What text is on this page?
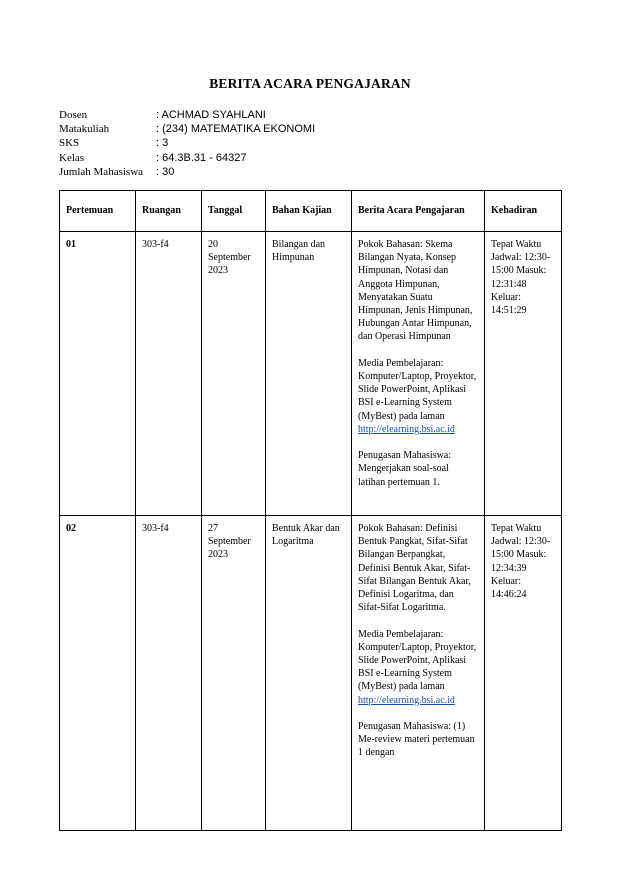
BERITA ACARA PENGAJARAN
Dosen	: ACHMAD SYAHLANI
Matakuliah	: (234) MATEMATIKA EKONOMI
SKS	: 3
Kelas	: 64.3B.31 - 64327
Jumlah Mahasiswa	: 30
Pertemuan	Ruangan	Tanggal	Bahan Kajian	Berita Acara Pengajaran	Kehadiran
01	303-f4	20 September 2023	Bilangan dan Himpunan	Pokok Bahasan: Skema Bilangan Nyata, Konsep Himpunan, Notasi dan Anggota Himpunan, Menyatakan Suatu Himpunan, Jenis Himpunan, Hubungan Antar Himpunan, dan Operasi Himpunan
Media Pembelajaran: Komputer/Laptop, Proyektor, Slide PowerPoint, Aplikasi BSI e-Learning System (MyBest) pada laman http://elearning.bsi.ac.id
Penugasan Mahasiswa: Mengerjakan soal-soal latihan pertemuan 1.	Tepat Waktu Jadwal: 12:30-15:00 Masuk: 12:31:48 Keluar: 14:51:29
02	303-f4	27 September 2023	Bentuk Akar dan Logaritma	Pokok Bahasan: Definisi Bentuk Pangkat, Sifat-Sifat Bilangan Berpangkat, Definisi Bentuk Akar, Sifat-Sifat Bilangan Bentuk Akar, Definisi Logaritma, dan Sifat-Sifat Logaritma.
Media Pembelajaran: Komputer/Laptop, Proyektor, Slide PowerPoint, Aplikasi BSI e-Learning System (MyBest) pada laman http://elearning.bsi.ac.id
Penugasan Mahasiswa: (1) Me-review materi pertemuan 1 dengan	Tepat Waktu Jadwal: 12:30-15:00 Masuk: 12:34:39 Keluar: 14:46:24
